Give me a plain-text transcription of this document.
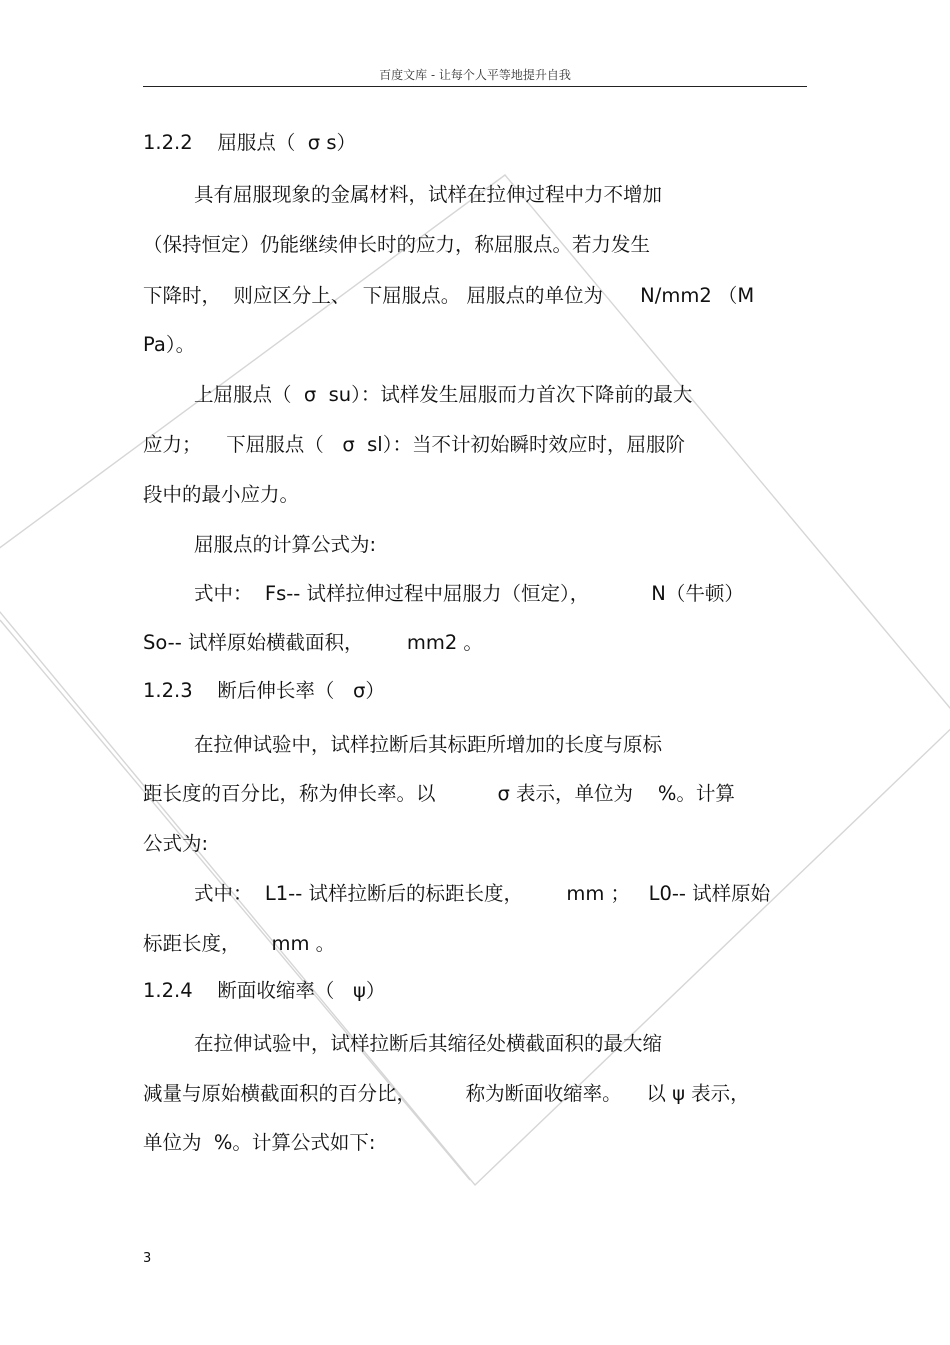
百度文库 - 让每个人平等地提升自我
1.2.2    屈服点（  σ s）
具有屈服现象的金属材料，试样在拉伸过程中力不增加
（保持恒定）仍能继续伸长时的应力，称屈服点。若力发生
下降时，  则应区分上、  下屈服点。 屈服点的单位为      N/mm2 （M
Pa）。
上屈服点（  σ  su）：试样发生屈服而力首次下降前的最大
应力；    下屈服点（   σ  sl）：当不计初始瞬时效应时，屈服阶
段中的最小应力。
屈服点的计算公式为:
式中：  Fs-- 试样拉伸过程中屈服力（恒定），          N（牛顿）
So-- 试样原始横截面积，       mm2 。
1.2.3    断后伸长率（   σ）
在拉伸试验中，试样拉断后其标距所增加的长度与原标
距长度的百分比，称为伸长率。以          σ 表示，单位为    %。计算
公式为:
式中：  L1-- 试样拉断后的标距长度，       mm ；   L0-- 试样原始
标距长度，     mm 。
1.2.4    断面收缩率（   ψ）
在拉伸试验中，试样拉断后其缩径处横截面积的最大缩
减量与原始横截面积的百分比，        称为断面收缩率。    以 ψ 表示，
单位为  %。计算公式如下:
3
